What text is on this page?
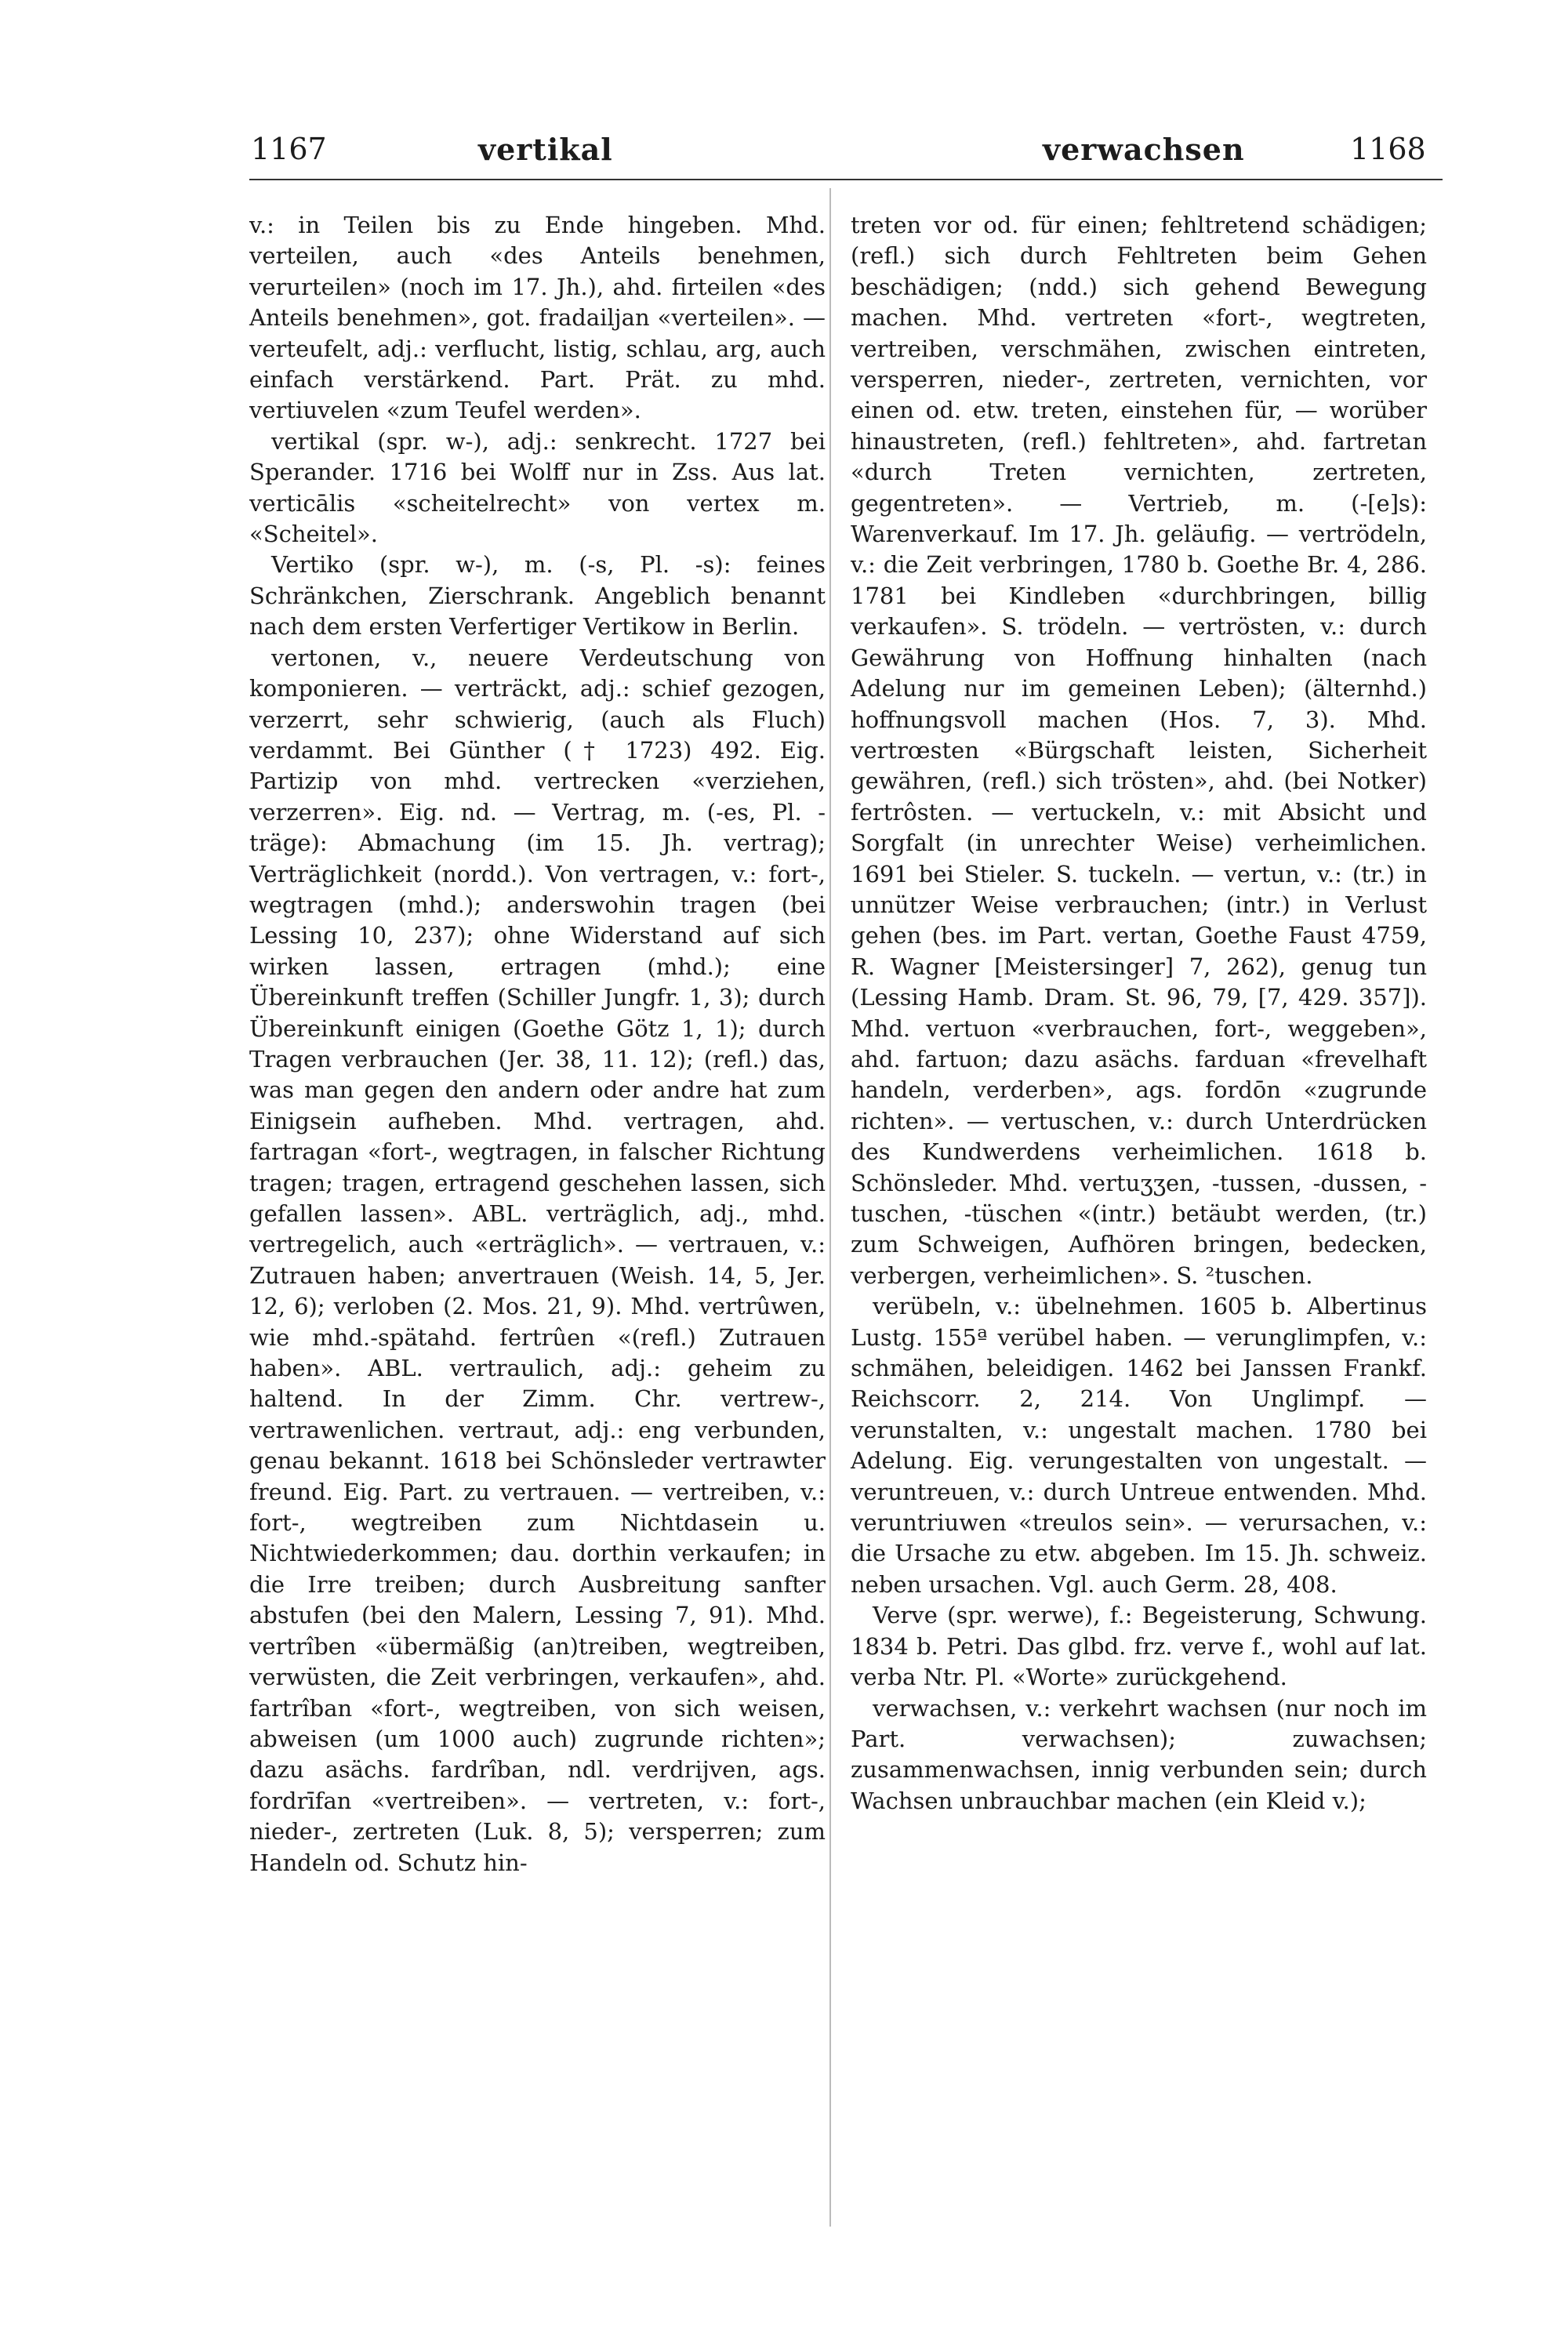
1167	vertikal	verwachsen	1168

v.: in Teilen bis zu Ende hingeben. Mhd. verteilen, auch «des Anteils benehmen, verurteilen» (noch im 17. Jh.), ahd. firteilen «des Anteils benehmen», got. fradailjan «verteilen». — verteufelt, adj.: verflucht, listig, schlau, arg, auch einfach verstärkend. Part. Prät. zu mhd. vertiuvelen «zum Teufel werden».

vertikal (spr. w-), adj.: senkrecht. 1727 bei Sperander. 1716 bei Wolff nur in Zss. Aus lat. verticālis «scheitelrecht» von vertex m. «Scheitel».

Vertiko (spr. w-), m. (-s, Pl. -s): feines Schränkchen, Zierschrank. Angeblich benannt nach dem ersten Verfertiger Vertikow in Berlin.

vertonen, v., neuere Verdeutschung von komponieren. — verträckt, adj.: schief gezogen, verzerrt, sehr schwierig, (auch als Fluch) verdammt. Bei Günther († 1723) 492. Eig. Partizip von mhd. vertrecken «verziehen, verzerren». Eig. nd. — Vertrag, m. (-es, Pl. -träge): Abmachung (im 15. Jh. vertrag); Verträglichkeit (nordd.). Von vertragen, v.: fort-, wegtragen (mhd.); anderswohin tragen (bei Lessing 10, 237); ohne Widerstand auf sich wirken lassen, ertragen (mhd.); eine Übereinkunft treffen (Schiller Jungfr. 1, 3); durch Übereinkunft einigen (Goethe Götz 1, 1); durch Tragen verbrauchen (Jer. 38, 11. 12); (refl.) das, was man gegen den andern oder andre hat zum Einigsein aufheben. Mhd. vertragen, ahd. fartragan «fort-, wegtragen, in falscher Richtung tragen; tragen, ertragend geschehen lassen, sich gefallen lassen». ABL. verträglich, adj., mhd. vertregelich, auch «erträglich». — vertrauen, v.: Zutrauen haben; anvertrauen (Weish. 14, 5, Jer. 12, 6); verloben (2. Mos. 21, 9). Mhd. vertrûwen, wie mhd.-spätahd. fertrûen «(refl.) Zutrauen haben». ABL. vertraulich, adj.: geheim zu haltend. In der Zimm. Chr. vertrew-, vertrawenlichen. vertraut, adj.: eng verbunden, genau bekannt. 1618 bei Schönsleder vertrawter freund. Eig. Part. zu vertrauen. — vertreiben, v.: fort-, wegtreiben zum Nichtdasein u. Nichtwiederkommen; dau. dorthin verkaufen; in die Irre treiben; durch Ausbreitung sanfter abstufen (bei den Malern, Lessing 7, 91). Mhd. vertrîben «übermäßig (an)treiben, wegtreiben, verwüsten, die Zeit verbringen, verkaufen», ahd. fartrîban «fort-, wegtreiben, von sich weisen, abweisen (um 1000 auch) zugrunde richten»; dazu asächs. fardrîban, ndl. verdrijven, ags. fordrīfan «vertreiben». — vertreten, v.: fort-, nieder-, zertreten (Luk. 8, 5); versperren; zum Handeln od. Schutz hin-

treten vor od. für einen; fehltretend schädigen; (refl.) sich durch Fehltreten beim Gehen beschädigen; (ndd.) sich gehend Bewegung machen. Mhd. vertreten «fort-, wegtreten, vertreiben, verschmähen, zwischen eintreten, versperren, nieder-, zertreten, vernichten, vor einen od. etw. treten, einstehen für, — worüber hinaustreten, (refl.) fehltreten», ahd. fartretan «durch Treten vernichten, zertreten, gegentreten». — Vertrieb, m. (-[e]s): Warenverkauf. Im 17. Jh. geläufig. — vertrödeln, v.: die Zeit verbringen, 1780 b. Goethe Br. 4, 286. 1781 bei Kindleben «durchbringen, billig verkaufen». S. trödeln. — vertrösten, v.: durch Gewährung von Hoffnung hinhalten (nach Adelung nur im gemeinen Leben); (älternhd.) hoffnungsvoll machen (Hos. 7, 3). Mhd. vertrœsten «Bürgschaft leisten, Sicherheit gewähren, (refl.) sich trösten», ahd. (bei Notker) fertrôsten. — vertuckeln, v.: mit Absicht und Sorgfalt (in unrechter Weise) verheimlichen. 1691 bei Stieler. S. tuckeln. — vertun, v.: (tr.) in unnützer Weise verbrauchen; (intr.) in Verlust gehen (bes. im Part. vertan, Goethe Faust 4759, R. Wagner [Meistersinger] 7, 262), genug tun (Lessing Hamb. Dram. St. 96, 79, [7, 429. 357]). Mhd. vertuon «verbrauchen, fort-, weggeben», ahd. fartuon; dazu asächs. farduan «frevelhaft handeln, verderben», ags. fordōn «zugrunde richten». — vertuschen, v.: durch Unterdrücken des Kundwerdens verheimlichen. 1618 b. Schönsleder. Mhd. vertuʒʒen, -tussen, -dussen, -tuschen, -tüschen «(intr.) betäubt werden, (tr.) zum Schweigen, Aufhören bringen, bedecken, verbergen, verheimlichen». S. ²tuschen.

verübeln, v.: übelnehmen. 1605 b. Albertinus Lustg. 155ª verübel haben. — verunglimpfen, v.: schmähen, beleidigen. 1462 bei Janssen Frankf. Reichscorr. 2, 214. Von Unglimpf. — verunstalten, v.: ungestalt machen. 1780 bei Adelung. Eig. verungestalten von ungestalt. — veruntreuen, v.: durch Untreue entwenden. Mhd. veruntriuwen «treulos sein». — verursachen, v.: die Ursache zu etw. abgeben. Im 15. Jh. schweiz. neben ursachen. Vgl. auch Germ. 28, 408.

Verve (spr. werwe), f.: Begeisterung, Schwung. 1834 b. Petri. Das glbd. frz. verve f., wohl auf lat. verba Ntr. Pl. «Worte» zurückgehend.

verwachsen, v.: verkehrt wachsen (nur noch im Part. verwachsen); zuwachsen; zusammenwachsen, innig verbunden sein; durch Wachsen unbrauchbar machen (ein Kleid v.);
